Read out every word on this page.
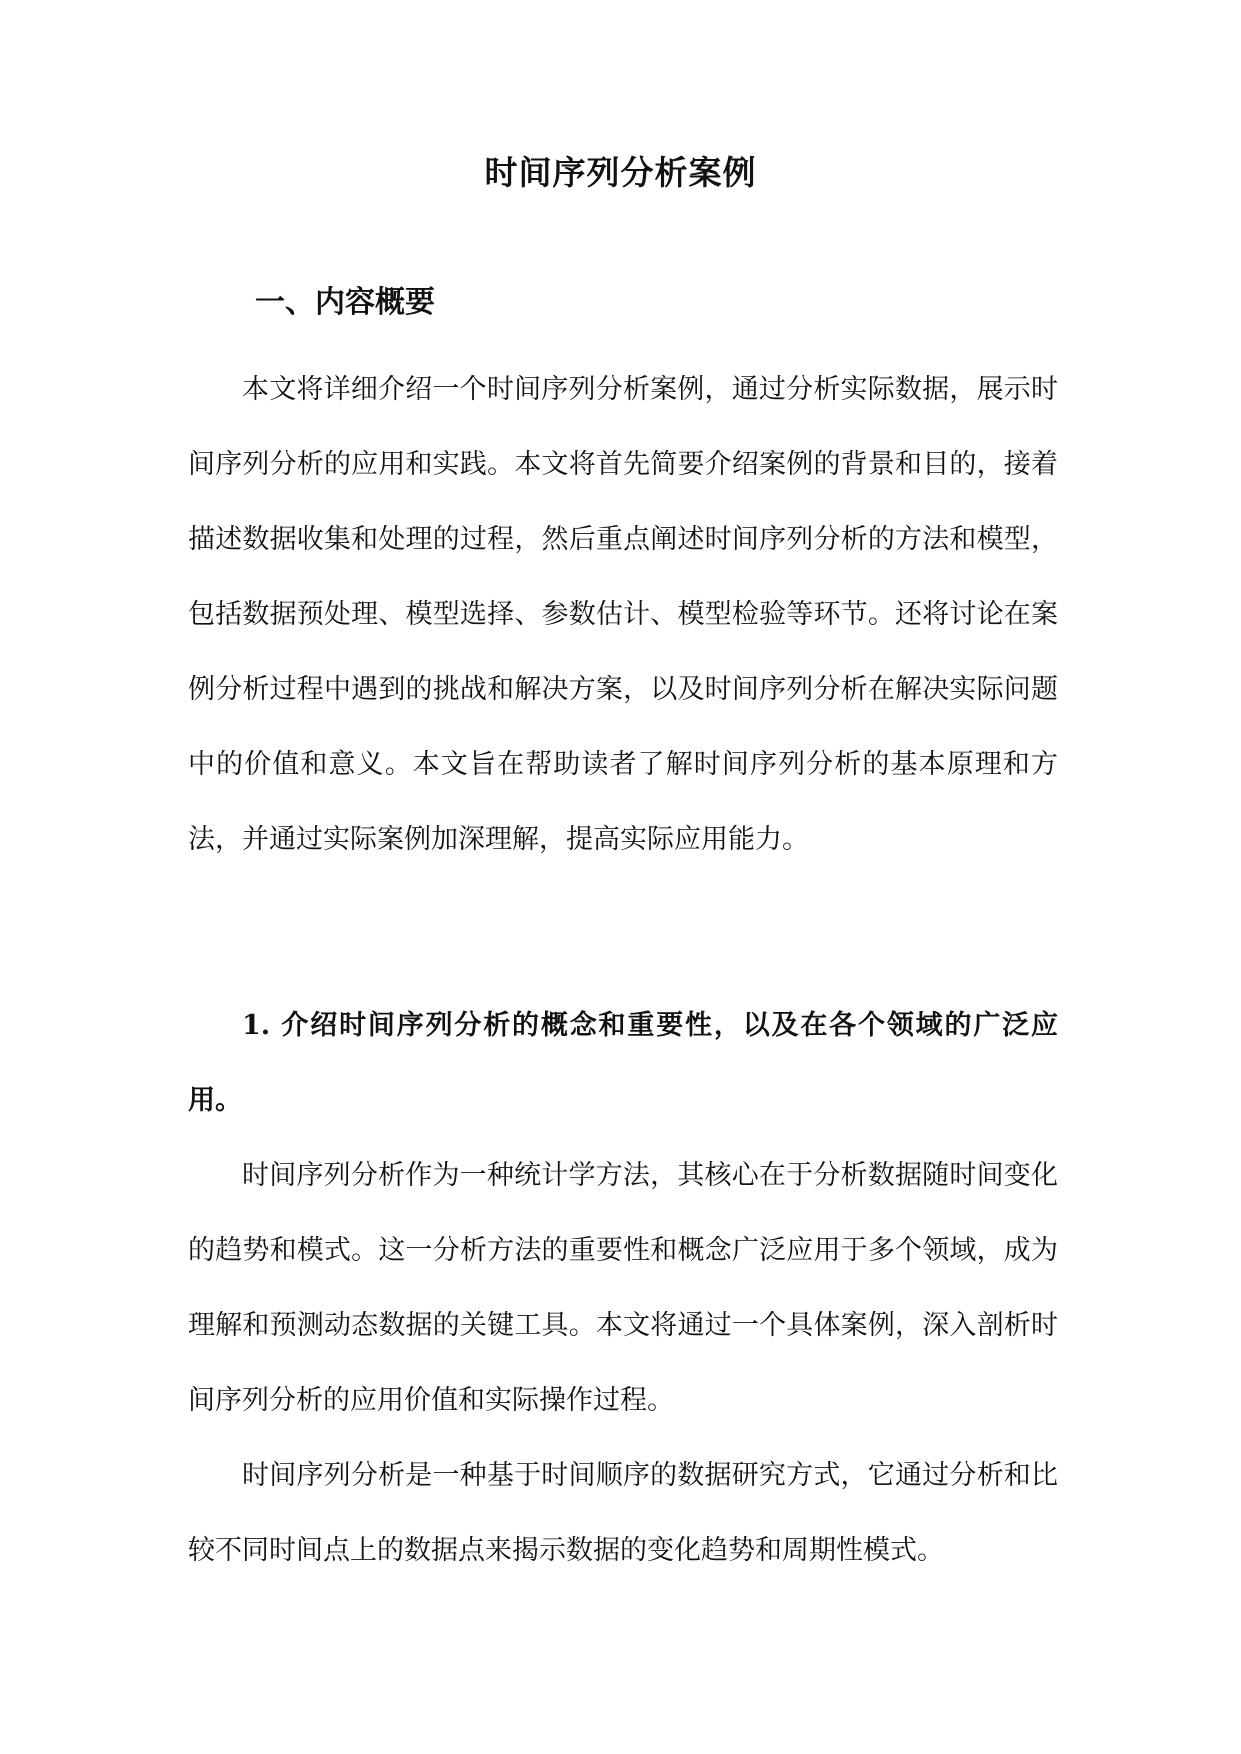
时间序列分析案例
一、内容概要

本文将详细介绍一个时间序列分析案例，通过分析实际数据，展示时间序列分析的应用和实践。本文将首先简要介绍案例的背景和目的，接着描述数据收集和处理的过程，然后重点阐述时间序列分析的方法和模型，包括数据预处理、模型选择、参数估计、模型检验等环节。还将讨论在案例分析过程中遇到的挑战和解决方案，以及时间序列分析在解决实际问题中的价值和意义。本文旨在帮助读者了解时间序列分析的基本原理和方法，并通过实际案例加深理解，提高实际应用能力。

1. 介绍时间序列分析的概念和重要性，以及在各个领域的广泛应用。

时间序列分析作为一种统计学方法，其核心在于分析数据随时间变化的趋势和模式。这一分析方法的重要性和概念广泛应用于多个领域，成为理解和预测动态数据的关键工具。本文将通过一个具体案例，深入剖析时间序列分析的应用价值和实际操作过程。

时间序列分析是一种基于时间顺序的数据研究方式，它通过分析和比较不同时间点上的数据点来揭示数据的变化趋势和周期性模式。
